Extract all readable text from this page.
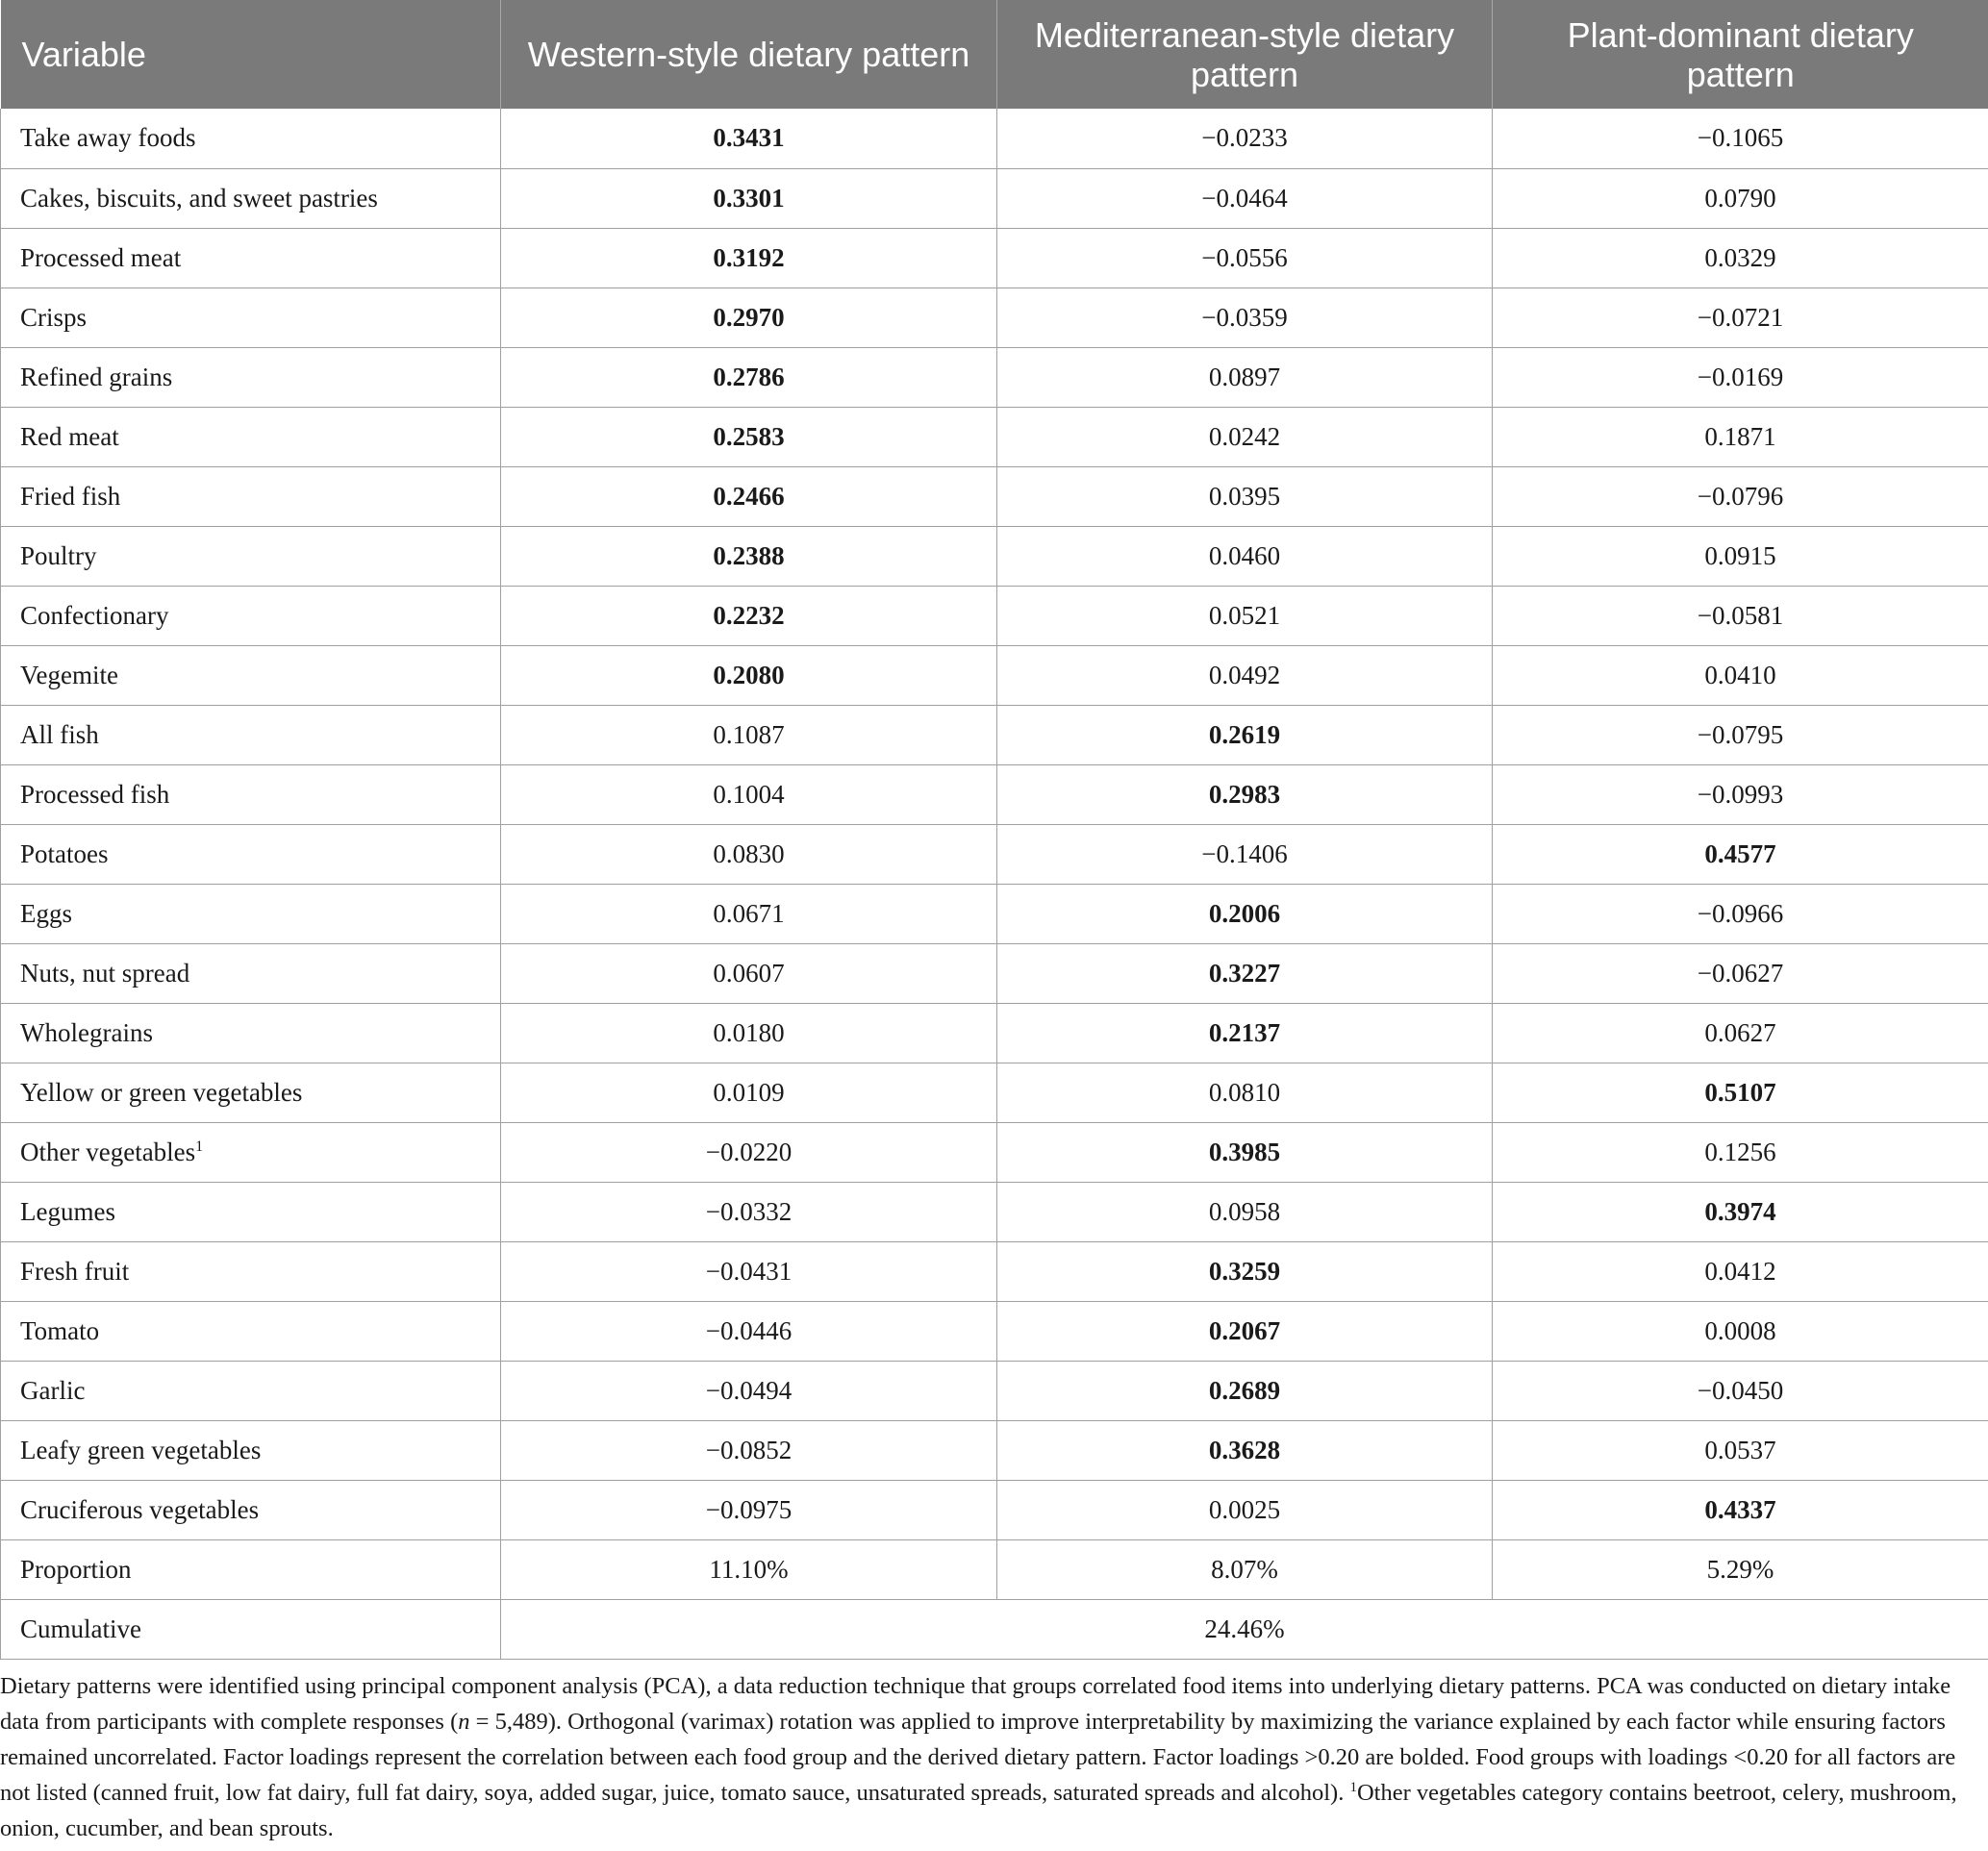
Variable	Western-style dietary pattern	Mediterranean-style dietary pattern	Plant-dominant dietary pattern
Take away foods	0.3431	−0.0233	−0.1065
Cakes, biscuits, and sweet pastries	0.3301	−0.0464	0.0790
Processed meat	0.3192	−0.0556	0.0329
Crisps	0.2970	−0.0359	−0.0721
Refined grains	0.2786	0.0897	−0.0169
Red meat	0.2583	0.0242	0.1871
Fried fish	0.2466	0.0395	−0.0796
Poultry	0.2388	0.0460	0.0915
Confectionary	0.2232	0.0521	−0.0581
Vegemite	0.2080	0.0492	0.0410
All fish	0.1087	0.2619	−0.0795
Processed fish	0.1004	0.2983	−0.0993
Potatoes	0.0830	−0.1406	0.4577
Eggs	0.0671	0.2006	−0.0966
Nuts, nut spread	0.0607	0.3227	−0.0627
Wholegrains	0.0180	0.2137	0.0627
Yellow or green vegetables	0.0109	0.0810	0.5107
Other vegetables$^1$	−0.0220	0.3985	0.1256
Legumes	−0.0332	0.0958	0.3974
Fresh fruit	−0.0431	0.3259	0.0412
Tomato	−0.0446	0.2067	0.0008
Garlic	−0.0494	0.2689	−0.0450
Leafy green vegetables	−0.0852	0.3628	0.0537
Cruciferous vegetables	−0.0975	0.0025	0.4337
Proportion	11.10%	8.07%	5.29%
Cumulative	24.46%		
Dietary patterns were identified using principal component analysis (PCA), a data reduction technique that groups correlated food items into underlying dietary patterns. PCA was conducted on dietary intake data from participants with complete responses (n = 5,489). Orthogonal (varimax) rotation was applied to improve interpretability by maximizing the variance explained by each factor while ensuring factors remained uncorrelated. Factor loadings represent the correlation between each food group and the derived dietary pattern. Factor loadings >0.20 are bolded. Food groups with loadings <0.20 for all factors are not listed (canned fruit, low fat dairy, full fat dairy, soya, added sugar, juice, tomato sauce, unsaturated spreads, saturated spreads and alcohol). $^1$Other vegetables category contains beetroot, celery, mushroom, onion, cucumber, and bean sprouts.
